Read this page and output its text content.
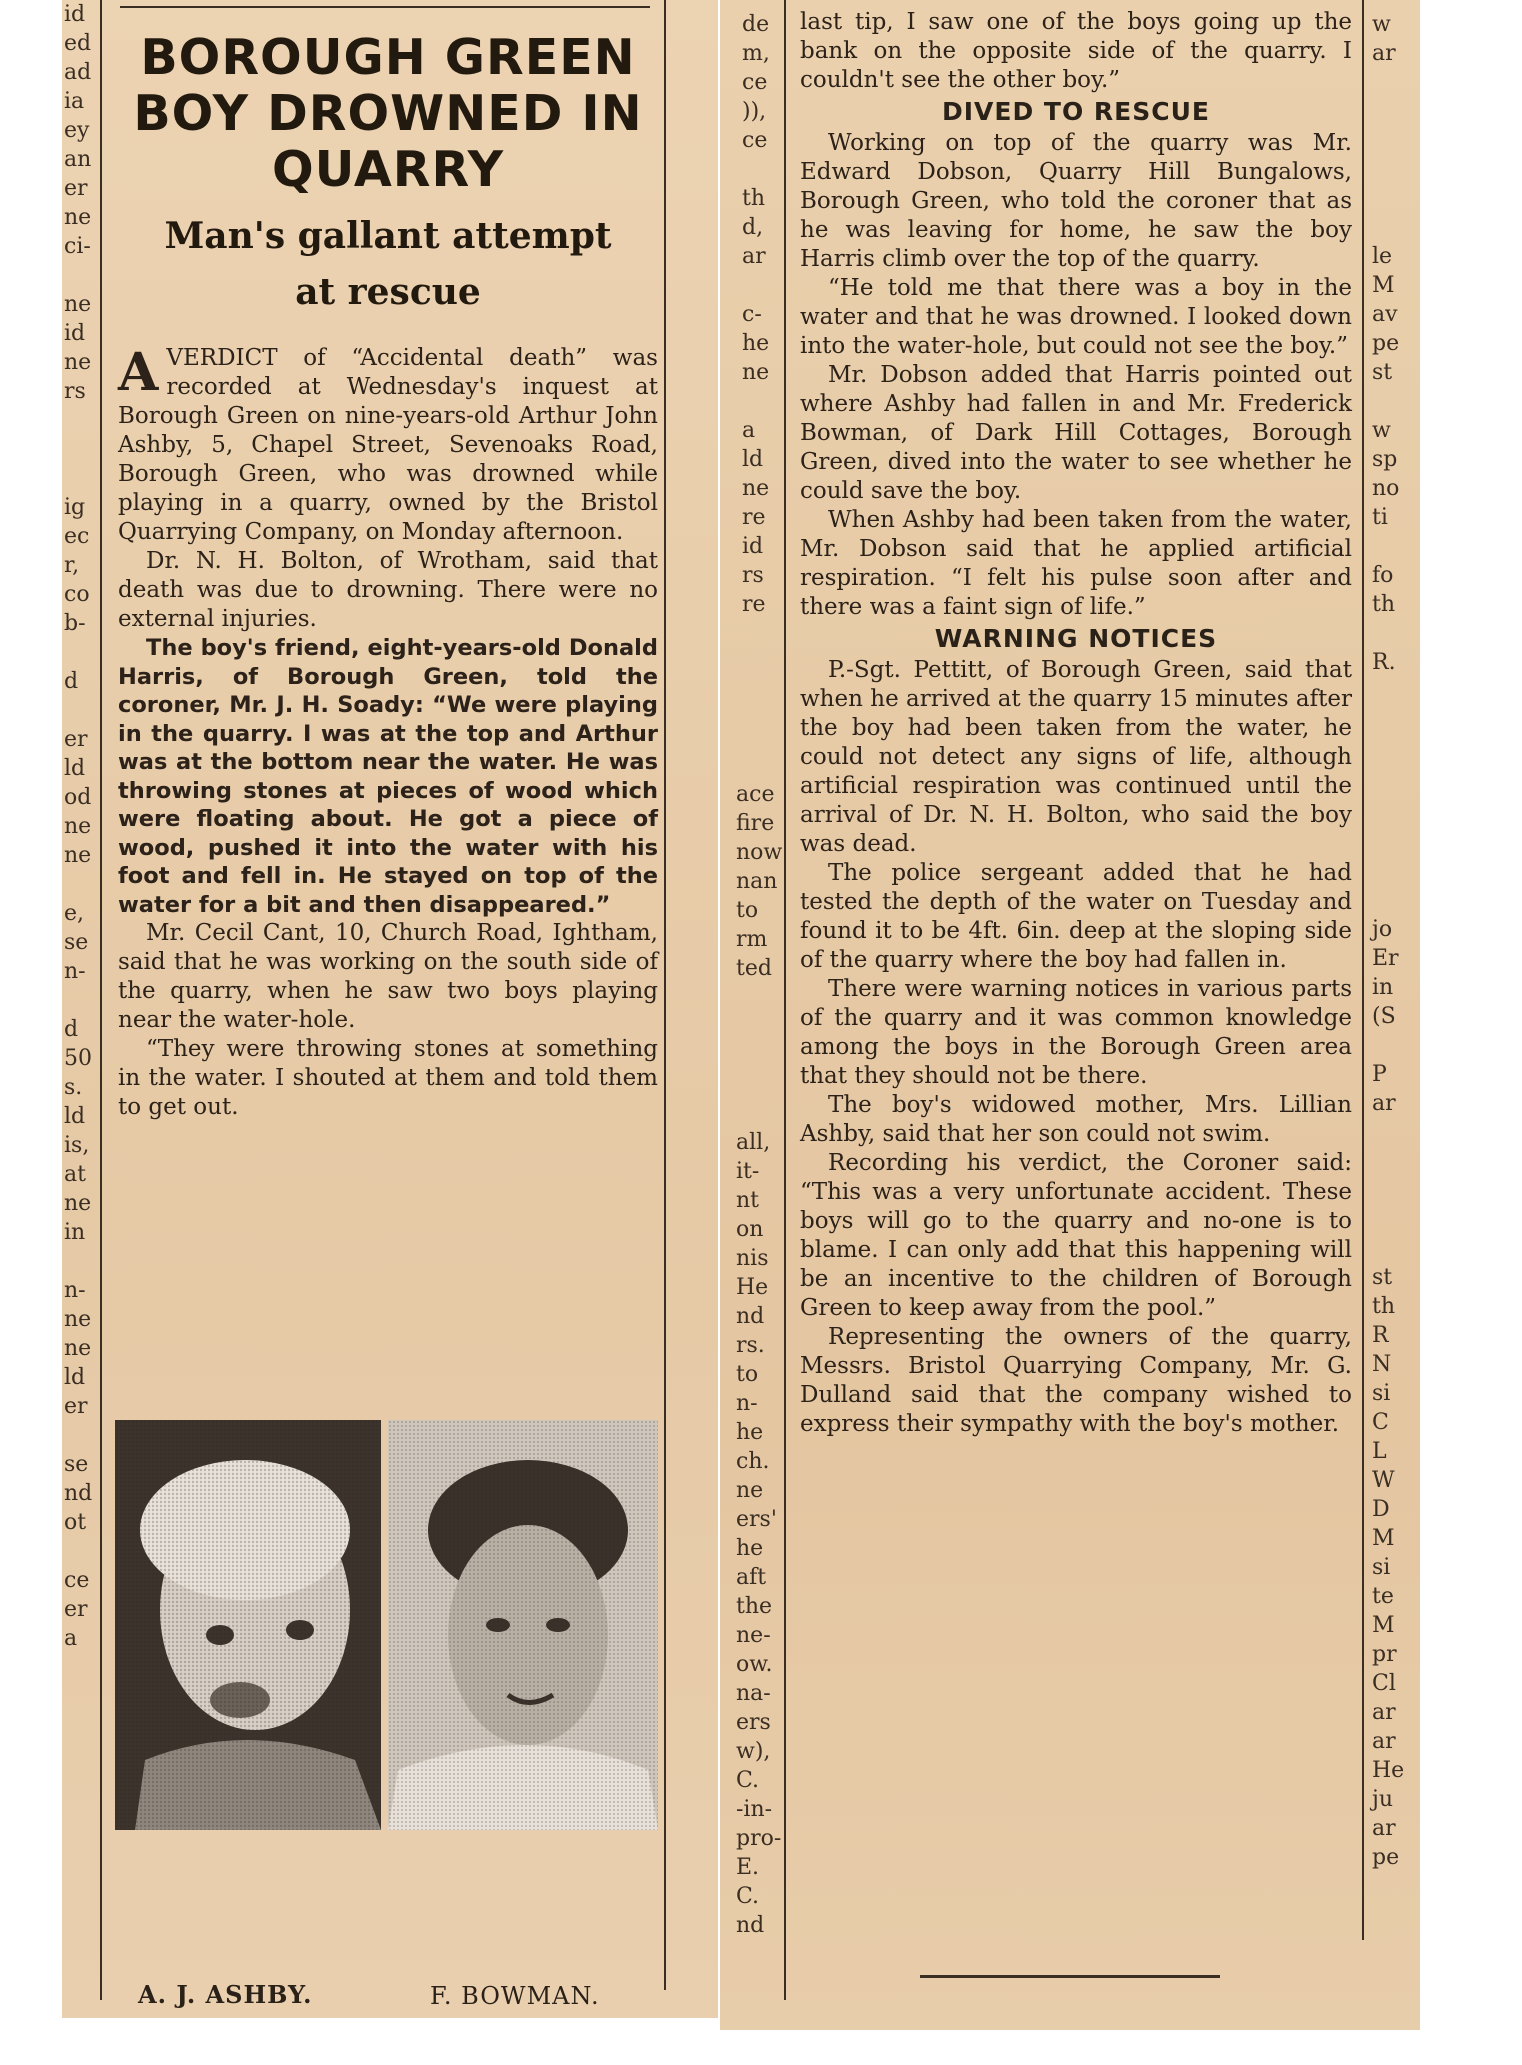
id
ed
ad
ia
ey
an
er
ne
ci-

ne
id
ne
rs

ig
ec
r,
co
b-

d

er
ld
od
ne
ne

e,
se
n-

d
50
s.
ld
is,
at
ne
in

n-
ne
ne
ld
er

se
nd
ot

ce
er
a
de
m,
ce
)),
ce

th
d,
ar

c-
he
ne

a
ld
ne
re
id
rs
re
ace
fire
now
nan
to
rm
ted

all,
it-
nt
on
nis
He
nd
rs.
to
n-
he
ch.
ne
ers'
he
aft
the
ne-
ow.
na-
ers
w),
C.
-in-
pro-
E.
C.
nd
w
ar

le
M
av
pe
st

w
sp
no
ti

fo
th

R.
jo
Er
in
(S

P
ar

st
th
R
N
si
C
L
W
D
M
si
te
M
pr
Cl
ar
ar
He
ju
ar
pe
BOROUGH GREEN BOY DROWNED IN QUARRY
Man's gallant attempt at rescue

A VERDICT of “Accidental death” was recorded at Wednesday's inquest at Borough Green on nine-years-old Arthur John Ashby, 5, Chapel Street, Sevenoaks Road, Borough Green, who was drowned while playing in a quarry, owned by the Bristol Quarrying Company, on Monday afternoon.

Dr. N. H. Bolton, of Wrotham, said that death was due to drowning. There were no external injuries.

The boy's friend, eight-years-old Donald Harris, of Borough Green, told the coroner, Mr. J. H. Soady: “We were playing in the quarry. I was at the top and Arthur was at the bottom near the water. He was throwing stones at pieces of wood which were floating about. He got a piece of wood, pushed it into the water with his foot and fell in. He stayed on top of the water for a bit and then disappeared.”

Mr. Cecil Cant, 10, Church Road, Ightham, said that he was working on the south side of the quarry, when he saw two boys playing near the water-hole.

“They were throwing stones at something in the water. I shouted at them and told them to get out.

A. J. ASHBY.	F. BOWMAN.

last tip, I saw one of the boys going up the bank on the opposite side of the quarry. I couldn't see the other boy.”

DIVED TO RESCUE

Working on top of the quarry was Mr. Edward Dobson, Quarry Hill Bungalows, Borough Green, who told the coroner that as he was leaving for home, he saw the boy Harris climb over the top of the quarry.

“He told me that there was a boy in the water and that he was drowned. I looked down into the water-hole, but could not see the boy.”

Mr. Dobson added that Harris pointed out where Ashby had fallen in and Mr. Frederick Bowman, of Dark Hill Cottages, Borough Green, dived into the water to see whether he could save the boy.

When Ashby had been taken from the water, Mr. Dobson said that he applied artificial respiration. “I felt his pulse soon after and there was a faint sign of life.”

WARNING NOTICES

P.-Sgt. Pettitt, of Borough Green, said that when he arrived at the quarry 15 minutes after the boy had been taken from the water, he could not detect any signs of life, although artificial respiration was continued until the arrival of Dr. N. H. Bolton, who said the boy was dead.

The police sergeant added that he had tested the depth of the water on Tuesday and found it to be 4ft. 6in. deep at the sloping side of the quarry where the boy had fallen in.

There were warning notices in various parts of the quarry and it was common knowledge among the boys in the Borough Green area that they should not be there.

The boy's widowed mother, Mrs. Lillian Ashby, said that her son could not swim.

Recording his verdict, the Coroner said: “This was a very unfortunate accident. These boys will go to the quarry and no-one is to blame. I can only add that this happening will be an incentive to the children of Borough Green to keep away from the pool.”

Representing the owners of the quarry, Messrs. Bristol Quarrying Company, Mr. G. Dulland said that the company wished to express their sympathy with the boy's mother.
